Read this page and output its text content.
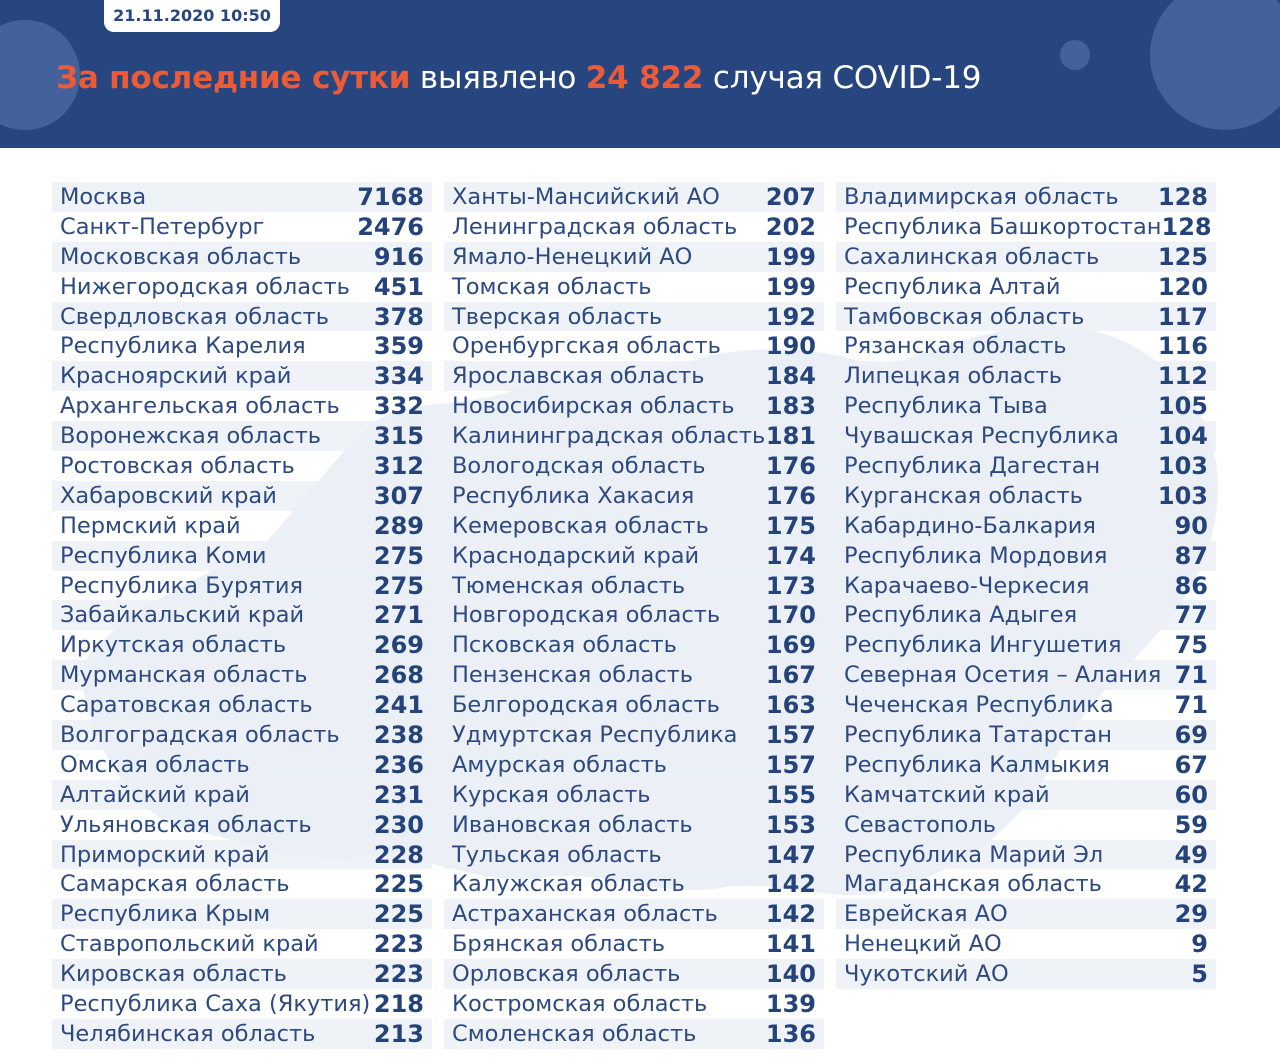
21.11.2020 10:50
За последние сутки выявлено 24 822 случая COVID-19
Москва	7168
Санкт-Петербург	2476
Московская область	916
Нижегородская область 451
Свердловская область 378
Республика Карелия	359
Красноярский край	334
Архангельская область 332
Воронежская область 315
Ростовская область	312
Хабаровский край	307
Пермский край	289
Республика Коми	275
Республика Бурятия	275
Забайкальский край	271
Иркутская область	269
Мурманская область	268
Саратовская область	241
Волгоградская область 238
Омская область	236
Алтайский край	231
Ульяновская область	230
Приморский край	228
Самарская область	225
Республика Крым	225
Ставропольский край 223
Кировская область	223
Республика Саха (Якутия) 218
Челябинская область 213
Ханты-Мансийский АО 207
Ленинградская область 202
Ямало-Ненецкий АО	199
Томская область	199
Тверская область	192
Оренбургская область 190
Ярославская область	184
Новосибирская область 183
Калининградская область 181
Вологодская область	176
Республика Хакасия	176
Кемеровская область 175
Краснодарский край	174
Тюменская область	173
Новгородская область 170
Псковская область	169
Пензенская область	167
Белгородская область 163
Удмуртская Республика 157
Амурская область	157
Курская область	155
Ивановская область	153
Тульская область	147
Калужская область	142
Астраханская область 142
Брянская область	141
Орловская область	140
Костромская область 139
Смоленская область	136
Владимирская область 128
Республика Башкортостан 128
Сахалинская область 125
Республика Алтай	120
Тамбовская область	117
Рязанская область	116
Липецкая область	112
Республика Тыва	105
Чувашская Республика 104
Республика Дагестан 103
Курганская область	103
Кабардино-Балкария	90
Республика Мордовия	87
Карачаево-Черкесия	86
Республика Адыгея	77
Республика Ингушетия 75
Северная Осетия – Алания 71
Чеченская Республика	71
Республика Татарстан	69
Республика Калмыкия	67
Камчатский край	60
Севастополь	59
Республика Марий Эл	49
Магаданская область	42
Еврейская АО	29
Ненецкий АО	9
Чукотский АО	5
